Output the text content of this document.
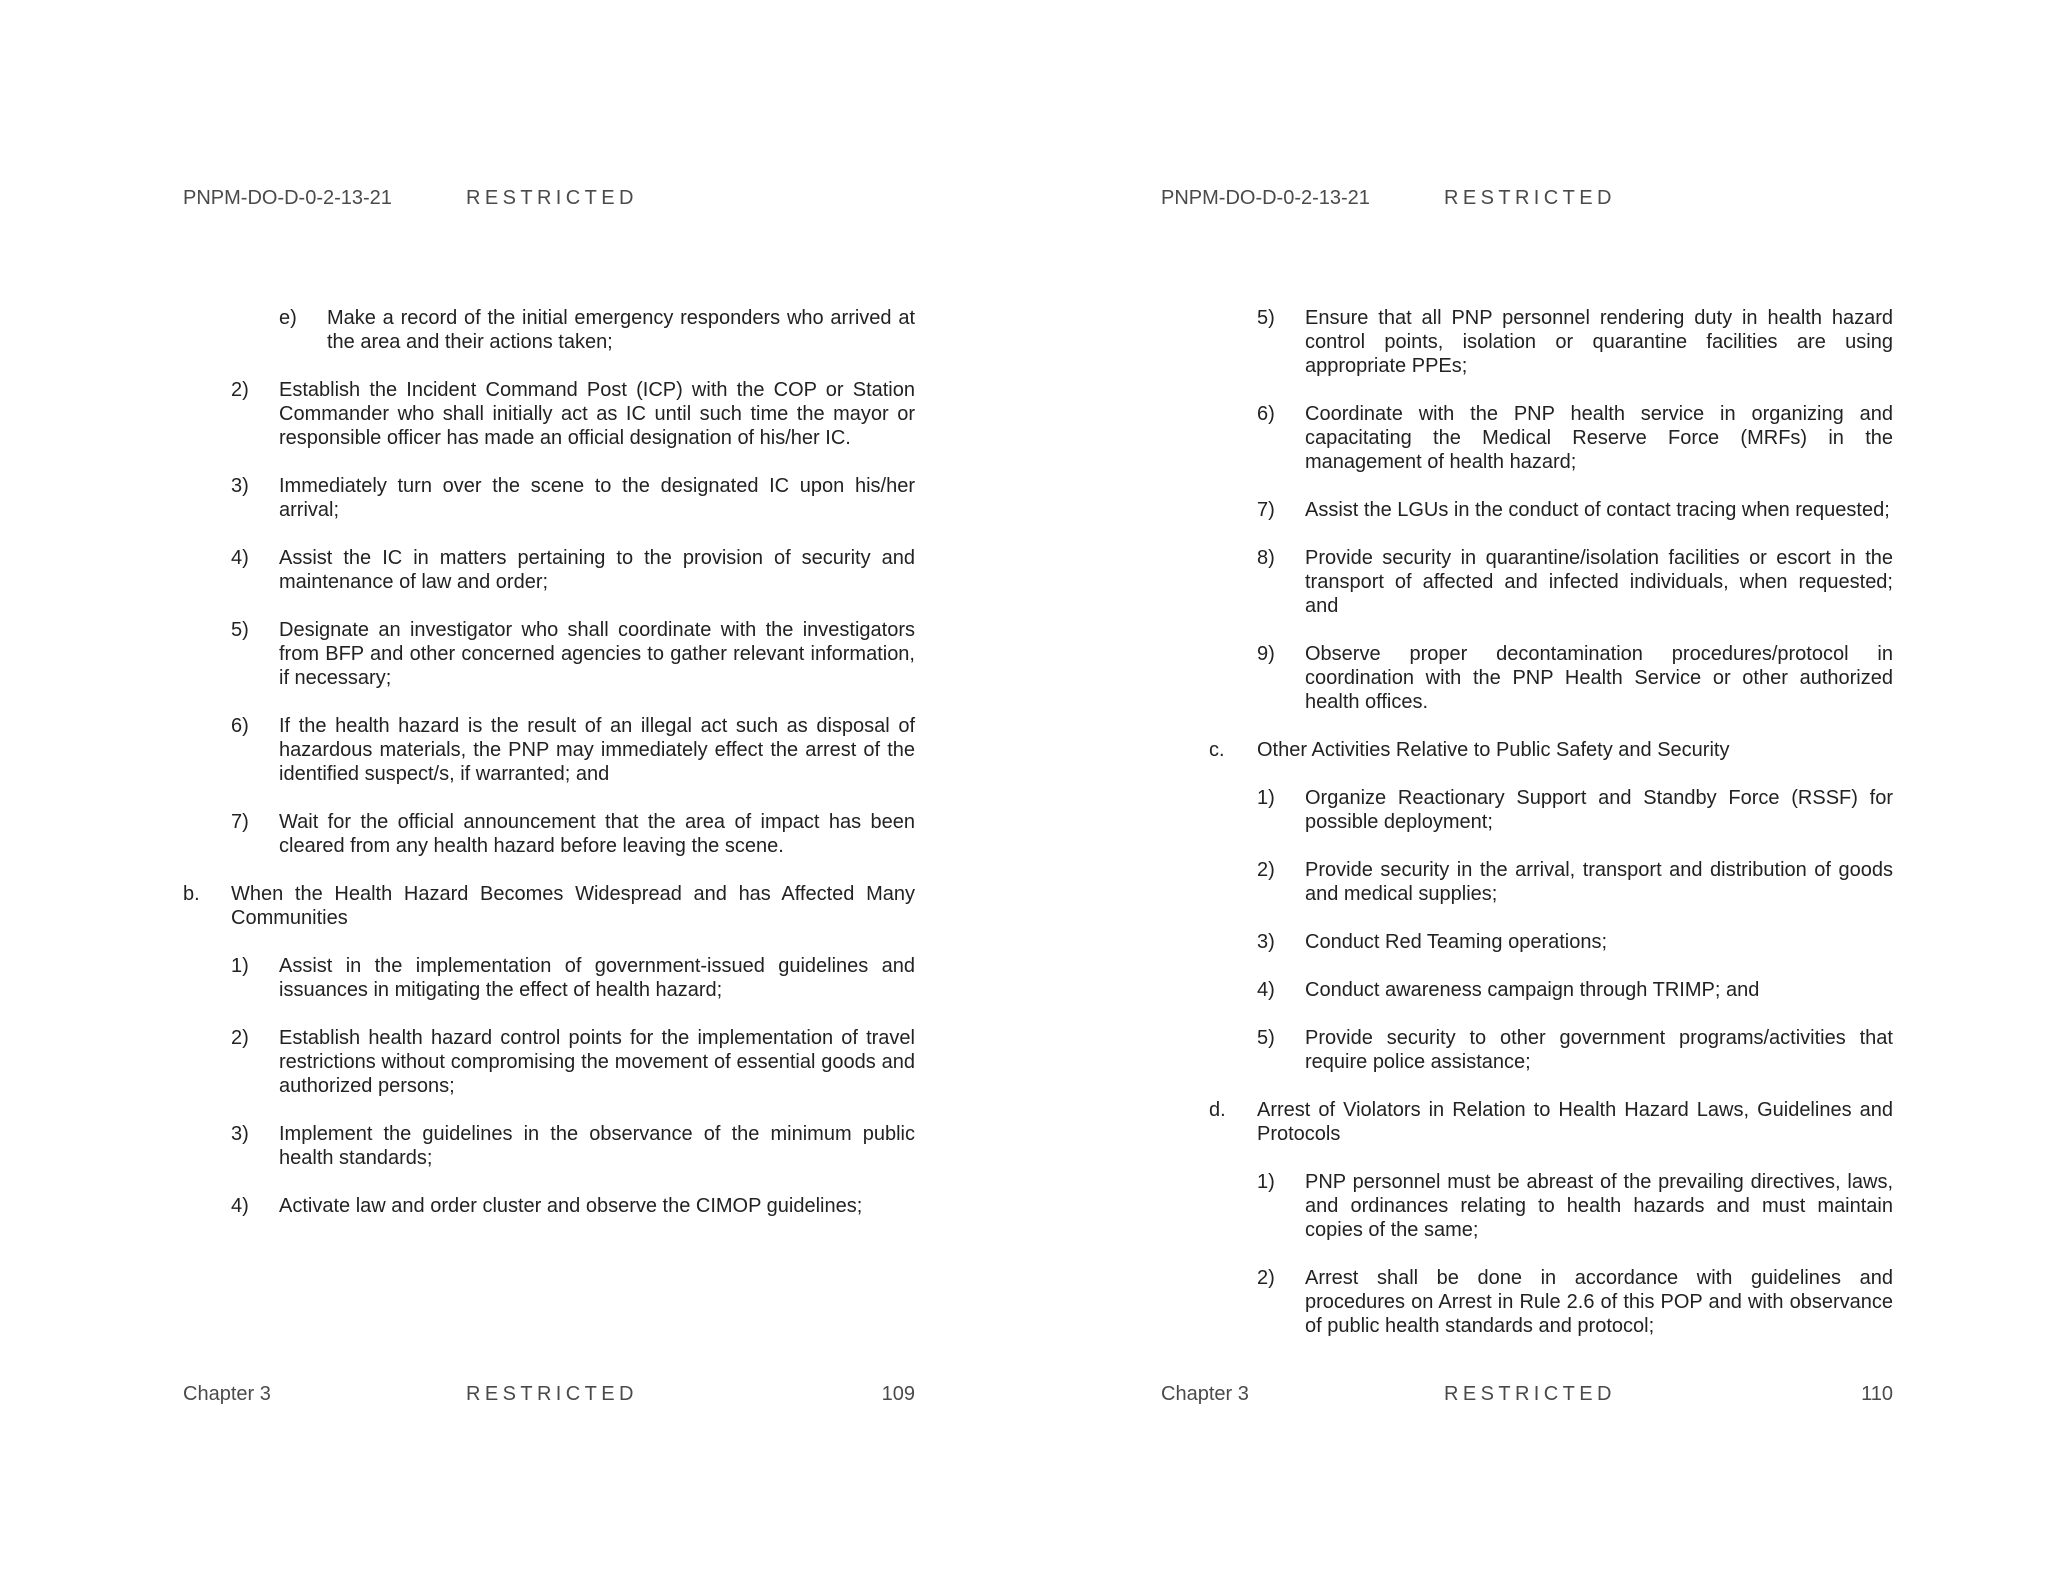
PNPM-DO-D-0-2-13-21	RESTRICTED
e)	Make a record of the initial emergency responders who arrived at the area and their actions taken;
2)	Establish the Incident Command Post (ICP) with the COP or Station Commander who shall initially act as IC until such time the mayor or responsible officer has made an official designation of his/her IC.
3)	Immediately turn over the scene to the designated IC upon his/her arrival;
4)	Assist the IC in matters pertaining to the provision of security and maintenance of law and order;
5)	Designate an investigator who shall coordinate with the investigators from BFP and other concerned agencies to gather relevant information, if necessary;
6)	If the health hazard is the result of an illegal act such as disposal of hazardous materials, the PNP may immediately effect the arrest of the identified suspect/s, if warranted; and
7)	Wait for the official announcement that the area of impact has been cleared from any health hazard before leaving the scene.
b.	When the Health Hazard Becomes Widespread and has Affected Many Communities
1)	Assist in the implementation of government-issued guidelines and issuances in mitigating the effect of health hazard;
2)	Establish health hazard control points for the implementation of travel restrictions without compromising the movement of essential goods and authorized persons;
3)	Implement the guidelines in the observance of the minimum public health standards;
4)	Activate law and order cluster and observe the CIMOP guidelines;
Chapter 3	RESTRICTED	109
PNPM-DO-D-0-2-13-21	RESTRICTED
5)	Ensure that all PNP personnel rendering duty in health hazard control points, isolation or quarantine facilities are using appropriate PPEs;
6)	Coordinate with the PNP health service in organizing and capacitating the Medical Reserve Force (MRFs) in the management of health hazard;
7)	Assist the LGUs in the conduct of contact tracing when requested;
8)	Provide security in quarantine/isolation facilities or escort in the transport of affected and infected individuals, when requested; and
9)	Observe proper decontamination procedures/protocol in coordination with the PNP Health Service or other authorized health offices.
c.	Other Activities Relative to Public Safety and Security
1)	Organize Reactionary Support and Standby Force (RSSF) for possible deployment;
2)	Provide security in the arrival, transport and distribution of goods and medical supplies;
3)	Conduct Red Teaming operations;
4)	Conduct awareness campaign through TRIMP; and
5)	Provide security to other government programs/activities that require police assistance;
d.	Arrest of Violators in Relation to Health Hazard Laws, Guidelines and Protocols
1)	PNP personnel must be abreast of the prevailing directives, laws, and ordinances relating to health hazards and must maintain copies of the same;
2)	Arrest shall be done in accordance with guidelines and procedures on Arrest in Rule 2.6 of this POP and with observance of public health standards and protocol;
Chapter 3	RESTRICTED	110
